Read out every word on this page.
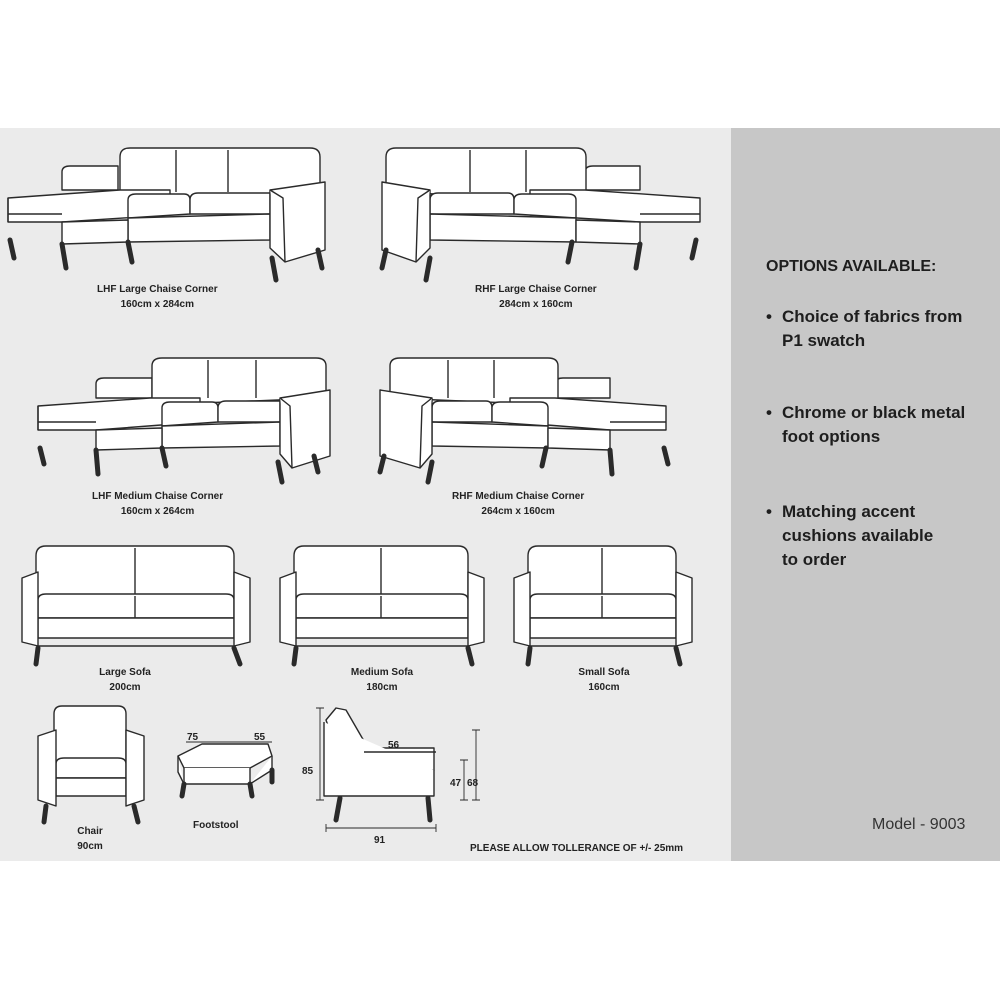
LHF Large Chaise Corner
160cm x 284cm
RHF Large Chaise Corner
284cm x 160cm
LHF Medium Chaise Corner
160cm x 264cm
RHF Medium Chaise Corner
264cm x 160cm
Large Sofa
200cm
Medium Sofa
180cm
Small Sofa
160cm
Chair
90cm
Footstool
75	55
56
85
47 68
91
PLEASE ALLOW TOLLERANCE OF +/- 25mm
OPTIONS AVAILABLE:
• Choice of fabrics from
P1 swatch
• Chrome or black metal
foot options
• Matching accent
cushions available
to order
Model - 9003
